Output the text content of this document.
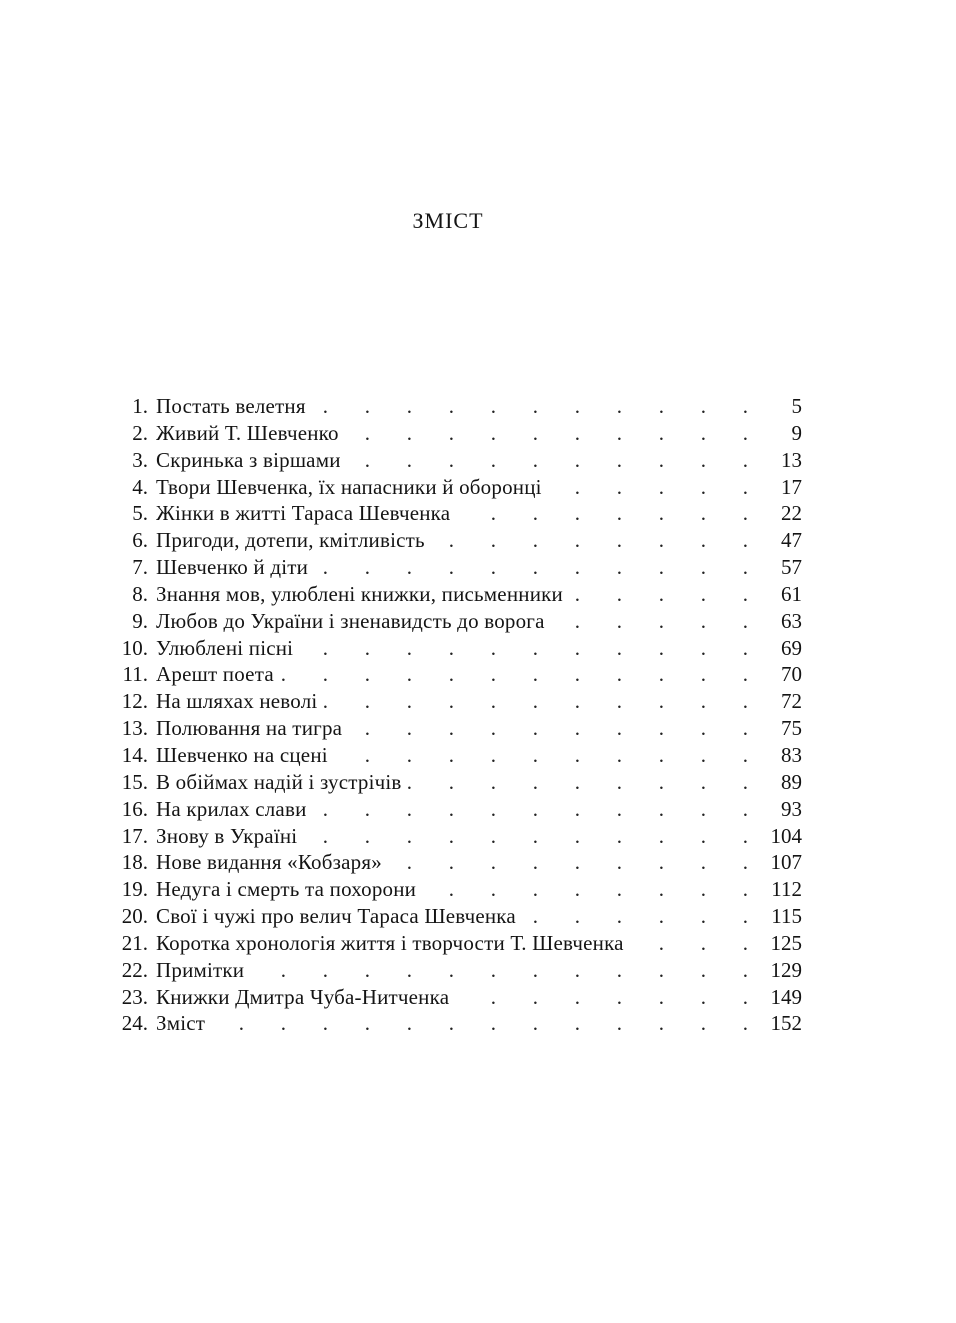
ЗМІСТ
1. Постать велетня .	5
2. Живий Т. Шевченко .	9
3. Скринька з віршами .	13
4. Твори Шевченка, їх напасники й оборонці .	17
5. Жінки в житті Тараса Шевченка .	22
6. Пригоди, дотепи, кмітливість .	47
7. Шевченко й діти .	57
8. Знання мов, улюблені книжки, письменники .	61
9. Любов до України і зненавидсть до ворога .	63
10. Улюблені пісні .	69
11. Арешт поета .	70
12. На шляхах неволі .	72
13. Полювання на тигра .	75
14. Шевченко на сцені .	83
15. В обіймах надій і зустрічів .	89
16. На крилах слави .	93
17. Знову в Україні .	104
18. Нове видання «Кобзаря» .	107
19. Недуга і смерть та похорони .	112
20. Свої і чужі про велич Тараса Шевченка .	115
21. Коротка хронологія життя і творчости Т. Шевченка .	125
22. Примітки .	129
23. Книжки Дмитра Чуба-Нитченка .	149
24. Зміст .	152
